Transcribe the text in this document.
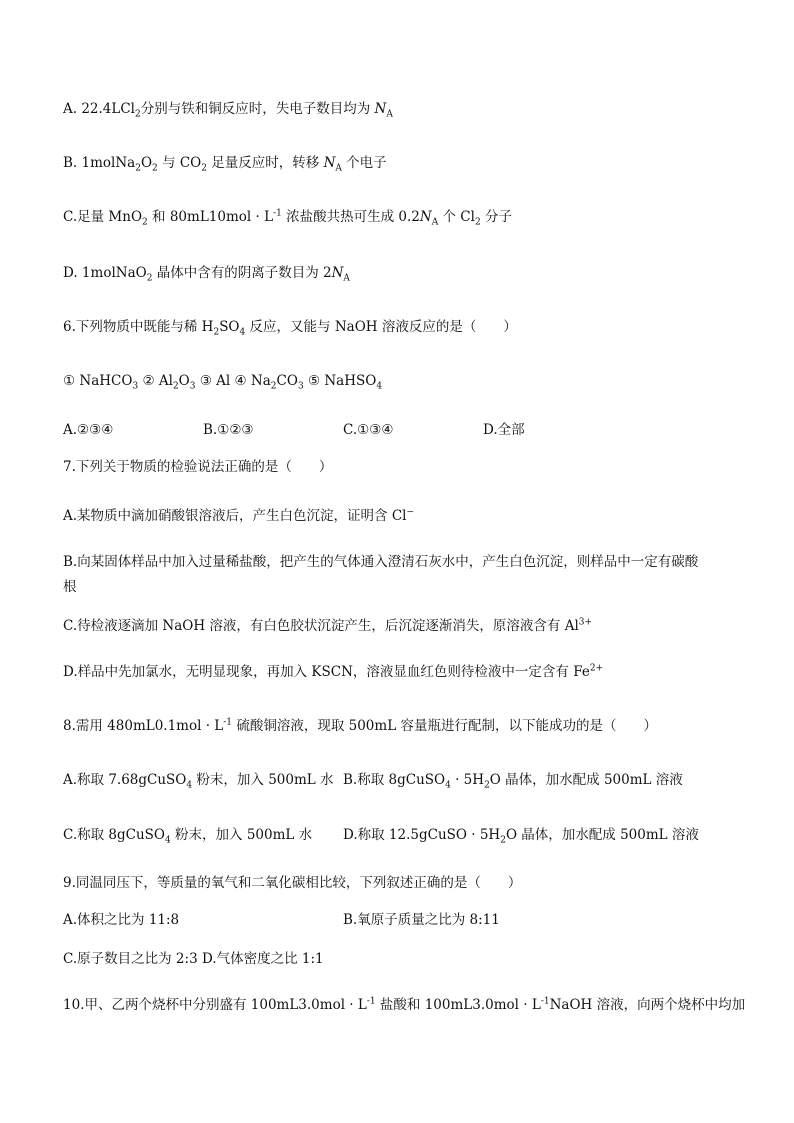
A. 22.4LCl$_2$分别与铁和铜反应时，失电子数目均为 $N_A$
B. $1molNa_2O_2$ 与 $CO_2$ 足量反应时，转移 $N_A$ 个电子
C.足量 MnO$_2$ 和 $80mL10mol \cdot L^{-1}$ 浓盐酸共热可生成 $0.2N_A$ 个 $Cl_2$ 分子
D. 1molNaO$_2$ 晶体中含有的阴离子数目为 $2N_A$
6.下列物质中既能与稀 $H_2SO_4$ 反应，又能与 NaOH 溶液反应的是（　　）
① NaHCO$_3$ ② $Al_2O_3$ ③ Al ④ $Na_2CO_3$ ⑤ NaHSO$_4$
A.②③④	B.①②③	C.①③④	D.全部
7.下列关于物质的检验说法正确的是（　　）
A.某物质中滴加硝酸银溶液后，产生白色沉淀，证明含 Cl−
B.向某固体样品中加入过量稀盐酸，把产生的气体通入澄清石灰水中，产生白色沉淀，则样品中一定有碳酸
根
C.待检液逐滴加 NaOH 溶液，有白色胶状沉淀产生，后沉淀逐渐消失，原溶液含有 $Al^{3+}$
D.样品中先加氯水，无明显现象，再加入 KSCN，溶液显血红色则待检液中一定含有 $Fe^{2+}$
8.需用 $480mL0.1mol \cdot L^{-1}$ 硫酸铜溶液，现取 500mL 容量瓶进行配制，以下能成功的是（　　）
A.称取 7.68gCuSO$_4$ 粉末，加入 500mL 水 B.称取 8gCuSO$_4$ · $5H_2O$ 晶体，加水配成 500mL 溶液
C.称取 8gCuSO$_4$ 粉末，加入 500mL 水 D.称取 12.5gCuSO · $5H_2O$ 晶体，加水配成 500mL 溶液
9.同温同压下，等质量的氧气和二氧化碳相比较，下列叙述正确的是（　　）
A.体积之比为 11:8	B.氧原子质量之比为 8:11
C.原子数目之比为 2:3 D.气体密度之比 1:1
10.甲、乙两个烧杯中分别盛有 $100mL3.0mol \cdot L^{-1}$ 盐酸和 $100mL3.0mol \cdot L^{-1}NaOH$ 溶液，向两个烧杯中均加
